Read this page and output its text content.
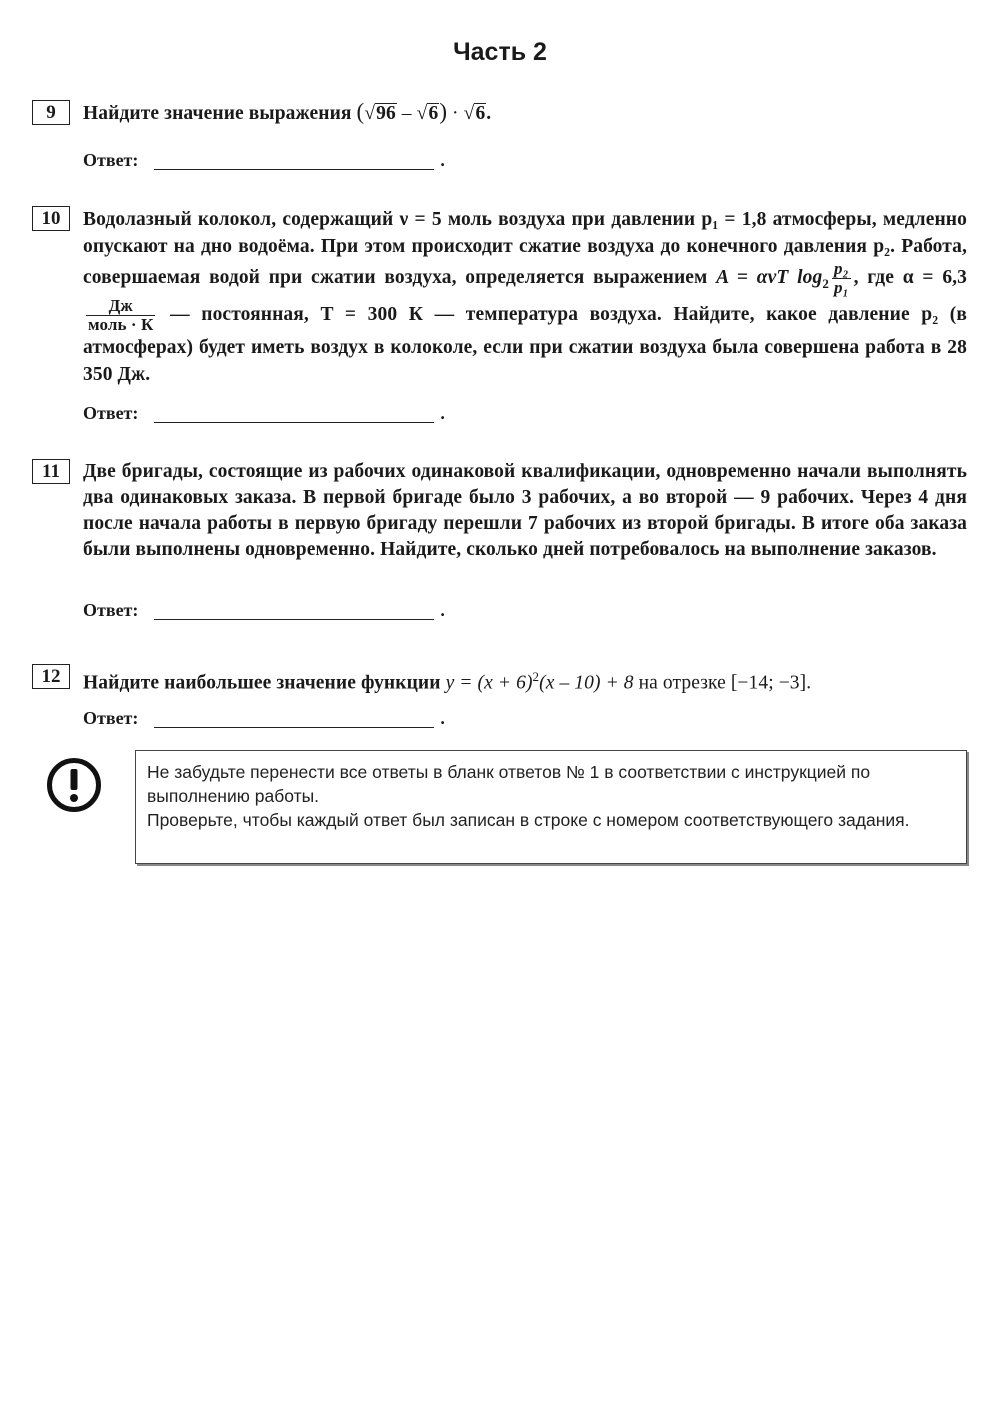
Часть 2
9	Найдите значение выражения (√96 – √6) · √6.
Ответ:	.
10	Водолазный колокол, содержащий ν = 5 моль воздуха при давлении p₁ = 1,8 атмосферы, медленно опускают на дно водоёма. При этом происходит сжатие воздуха до конечного давления p₂. Работа, совершаемая водой при сжатии воздуха, определяется выражением A = ανT $\log_2 \frac{\text{p₂}}{\text{p₁}}$ , где α = 6,3
$\frac{Дж}{\text{моль · К}}$ — постоянная, T = 300 К — температура воздуха. Найдите, какое давление p₂ (в атмосферах) будет иметь воздух в колоколе, если при сжатии воздуха была совершена работа в 28 350 Дж.
Ответ:	.
11	Две бригады, состоящие из рабочих одинаковой квалификации, одновременно начали выполнять два одинаковых заказа. В первой бригаде было 3 рабочих, а во второй — 9 рабочих. Через 4 дня после начала работы в первую бригаду перешли 7 рабочих из второй бригады. В итоге оба заказа были выполнены одновременно. Найдите, сколько дней потребовалось на выполнение заказов.
Ответ:	.
12	Найдите наибольшее значение функции $y = (x + 6)^2(x - 10) + 8$ на отрезке [−14; −3].
Ответ:	.

Не забудьте перенести все ответы в бланк ответов № 1 в соответствии с инструкцией по выполнению работы.

Проверьте, чтобы каждый ответ был записан в строке с номером соответствующего задания.
